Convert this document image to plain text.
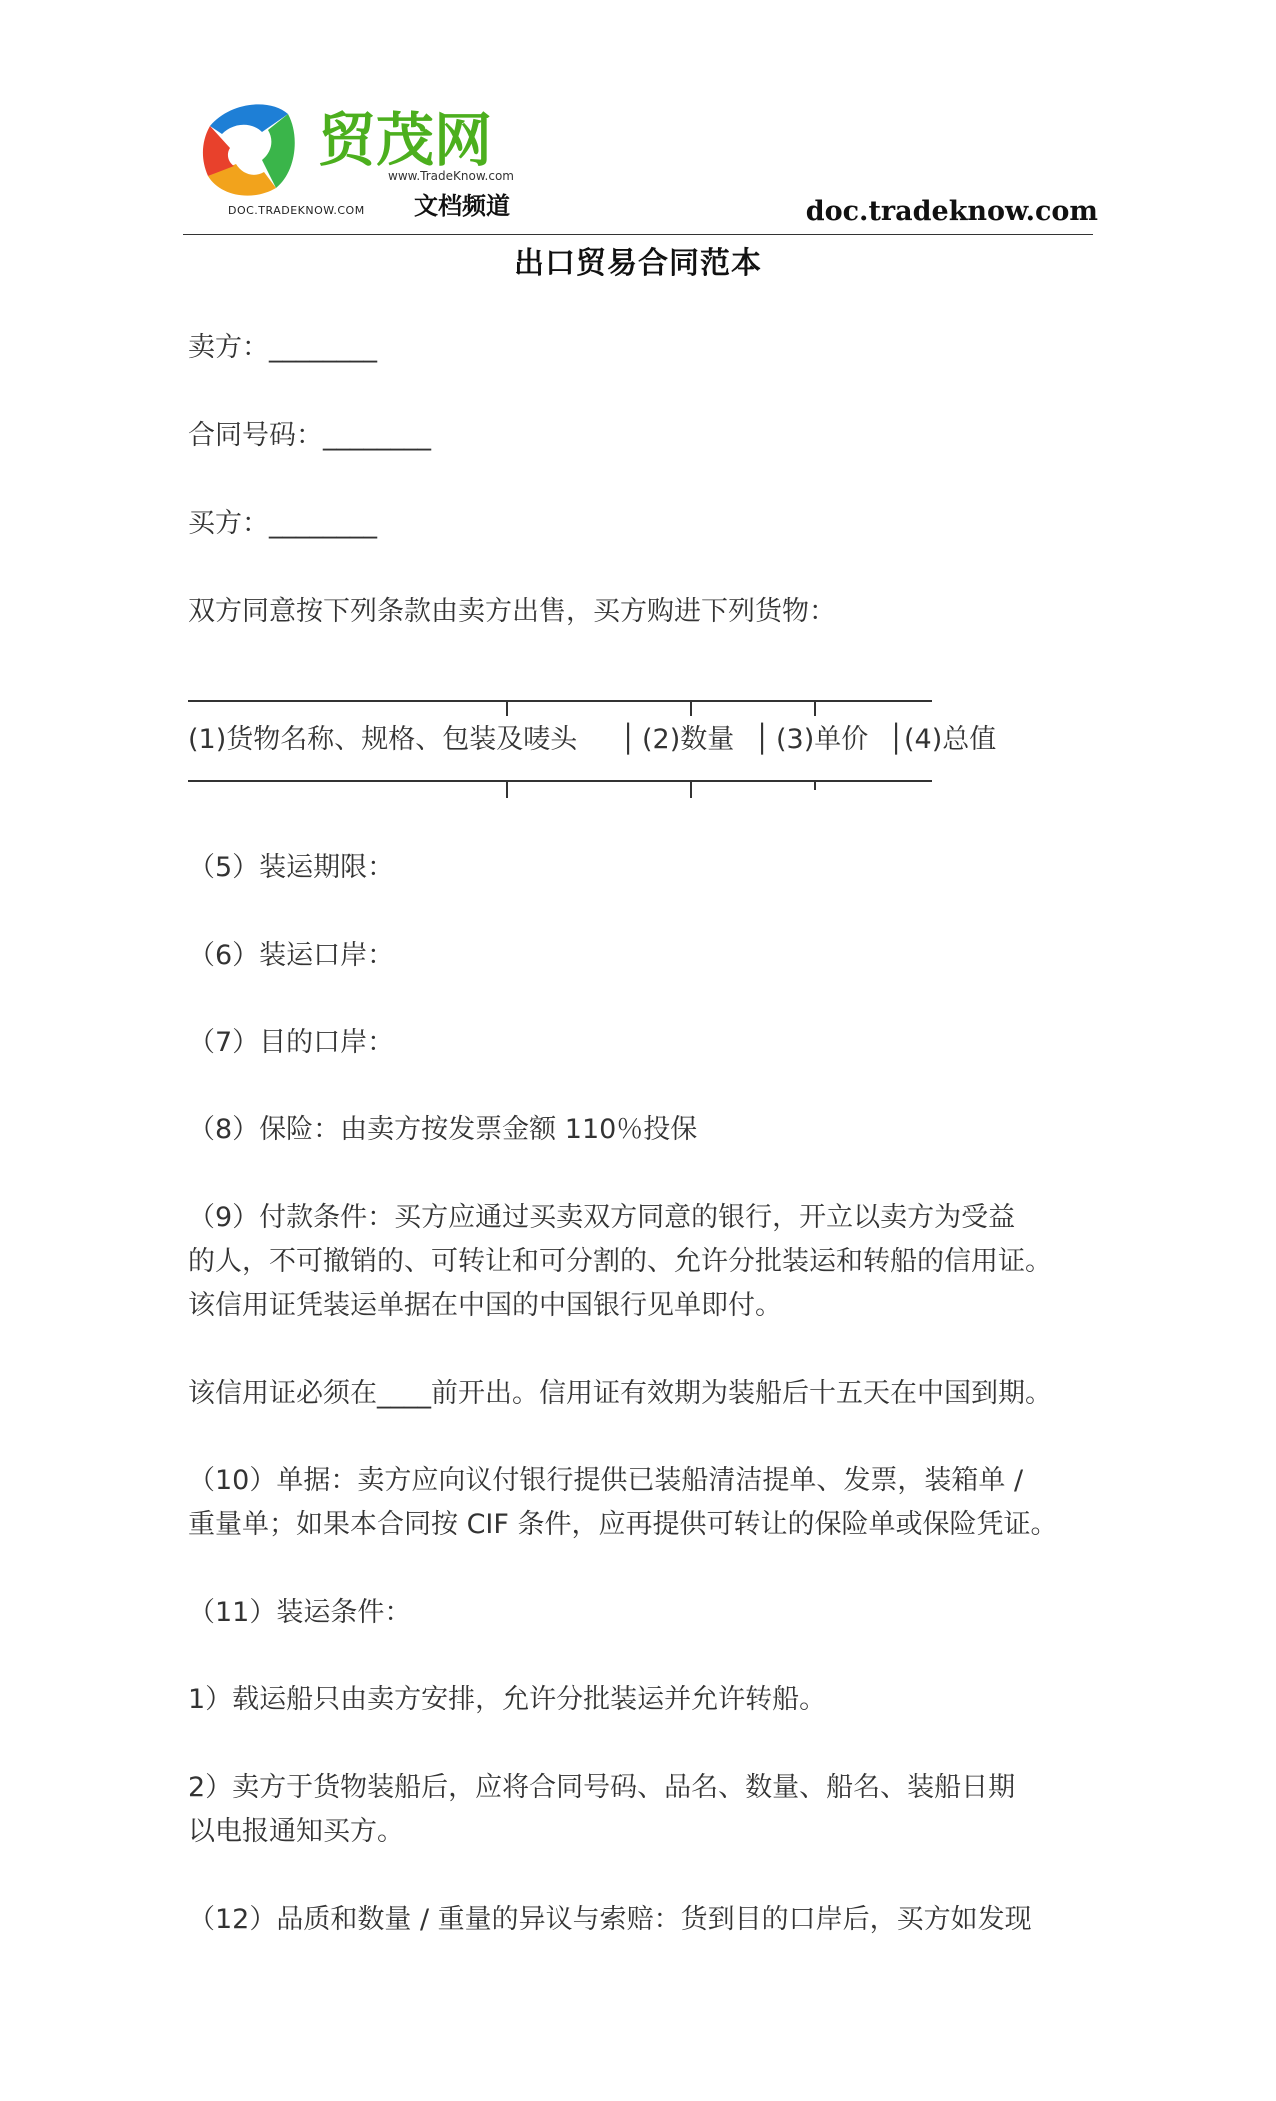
贸茂网
www.TradeKnow.com
DOC.TRADEKNOW.COM 文档频道	doc.tradeknow.com
出口贸易合同范本

卖方：________

合同号码：________

买方：________

双方同意按下列条款由卖方出售，买方购进下列货物：

(1)货物名称、规格、包装及唛头 │ (2)数量 │ (3)单价 │ (4)总值

（5）装运期限：

（6）装运口岸：

（7）目的口岸：

（8）保险：由卖方按发票金额 110％投保

（9）付款条件：买方应通过买卖双方同意的银行，开立以卖方为受益

的人，不可撤销的、可转让和可分割的、允许分批装运和转船的信用证。

该信用证凭装运单据在中国的中国银行见单即付。

该信用证必须在____前开出。信用证有效期为装船后十五天在中国到期。

（10）单据：卖方应向议付银行提供已装船清洁提单、发票，装箱单 /

重量单；如果本合同按 CIF 条件，应再提供可转让的保险单或保险凭证。

（11）装运条件：

1）载运船只由卖方安排，允许分批装运并允许转船。

2）卖方于货物装船后，应将合同号码、品名、数量、船名、装船日期

以电报通知买方。

（12）品质和数量 / 重量的异议与索赔：货到目的口岸后，买方如发现
